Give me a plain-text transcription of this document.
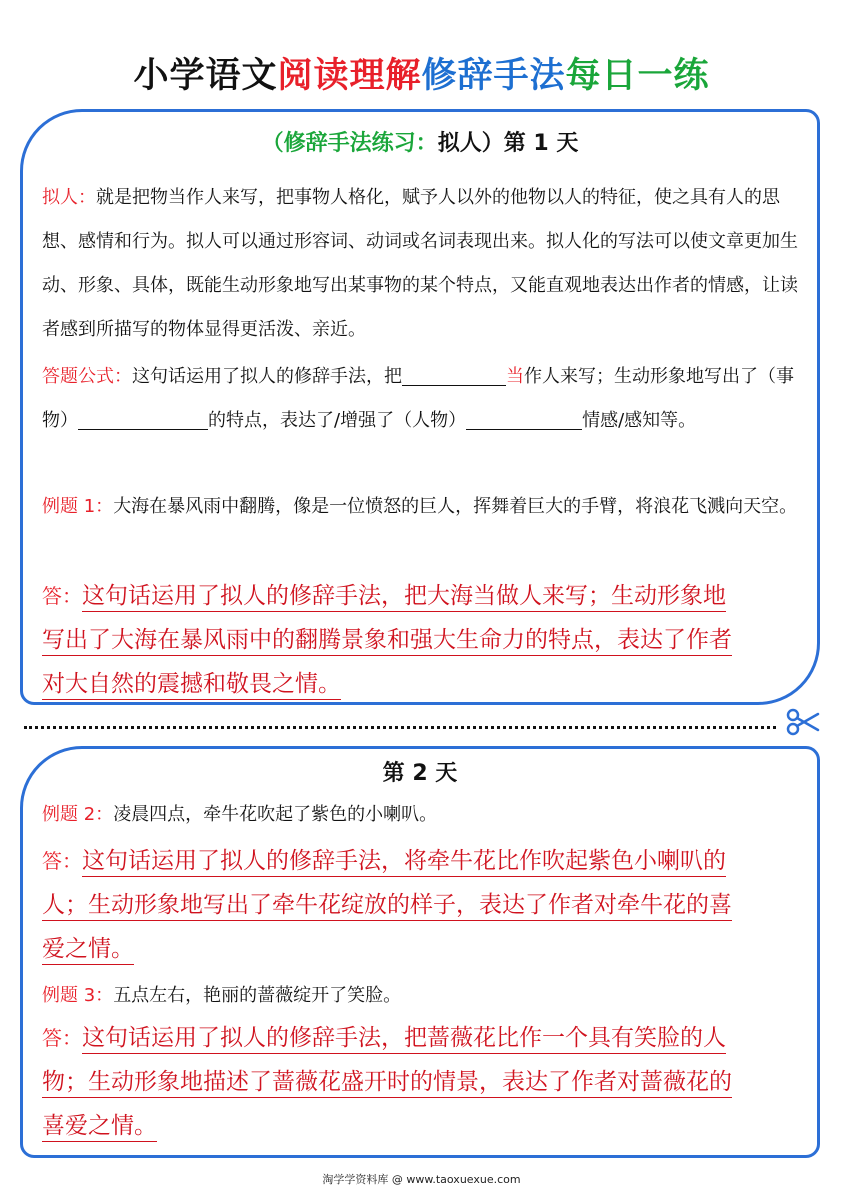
小学语文阅读理解修辞手法每日一练
（修辞手法练习：拟人）第 1 天
拟人：就是把物当作人来写，把事物人格化，赋予人以外的他物以人的特征，使之具有人的思想、感情和行为。拟人可以通过形容词、动词或名词表现出来。拟人化的写法可以使文章更加生动、形象、具体，既能生动形象地写出某事物的某个特点，又能直观地表达出作者的情感，让读者感到所描写的物体显得更活泼、亲近。
答题公式：这句话运用了拟人的修辞手法，把	当作人来写；生动形象地写出了（事物）	的特点，表达了/增强了（人物）	情感/感知等。
例题 1：大海在暴风雨中翻腾，像是一位愤怒的巨人，挥舞着巨大的手臂，将浪花飞溅向天空。
答：这句话运用了拟人的修辞手法，把大海当做人来写；生动形象地
写出了大海在暴风雨中的翻腾景象和强大生命力的特点，表达了作者
对大自然的震撼和敬畏之情。
第 2 天
例题 2：凌晨四点，牵牛花吹起了紫色的小喇叭。
答：这句话运用了拟人的修辞手法，将牵牛花比作吹起紫色小喇叭的
人；生动形象地写出了牵牛花绽放的样子，表达了作者对牵牛花的喜
爱之情。
例题 3：五点左右，艳丽的蔷薇绽开了笑脸。
答：这句话运用了拟人的修辞手法，把蔷薇花比作一个具有笑脸的人
物；生动形象地描述了蔷薇花盛开时的情景，表达了作者对蔷薇花的
喜爱之情。
淘学学资料库 @ www.taoxuexue.com
